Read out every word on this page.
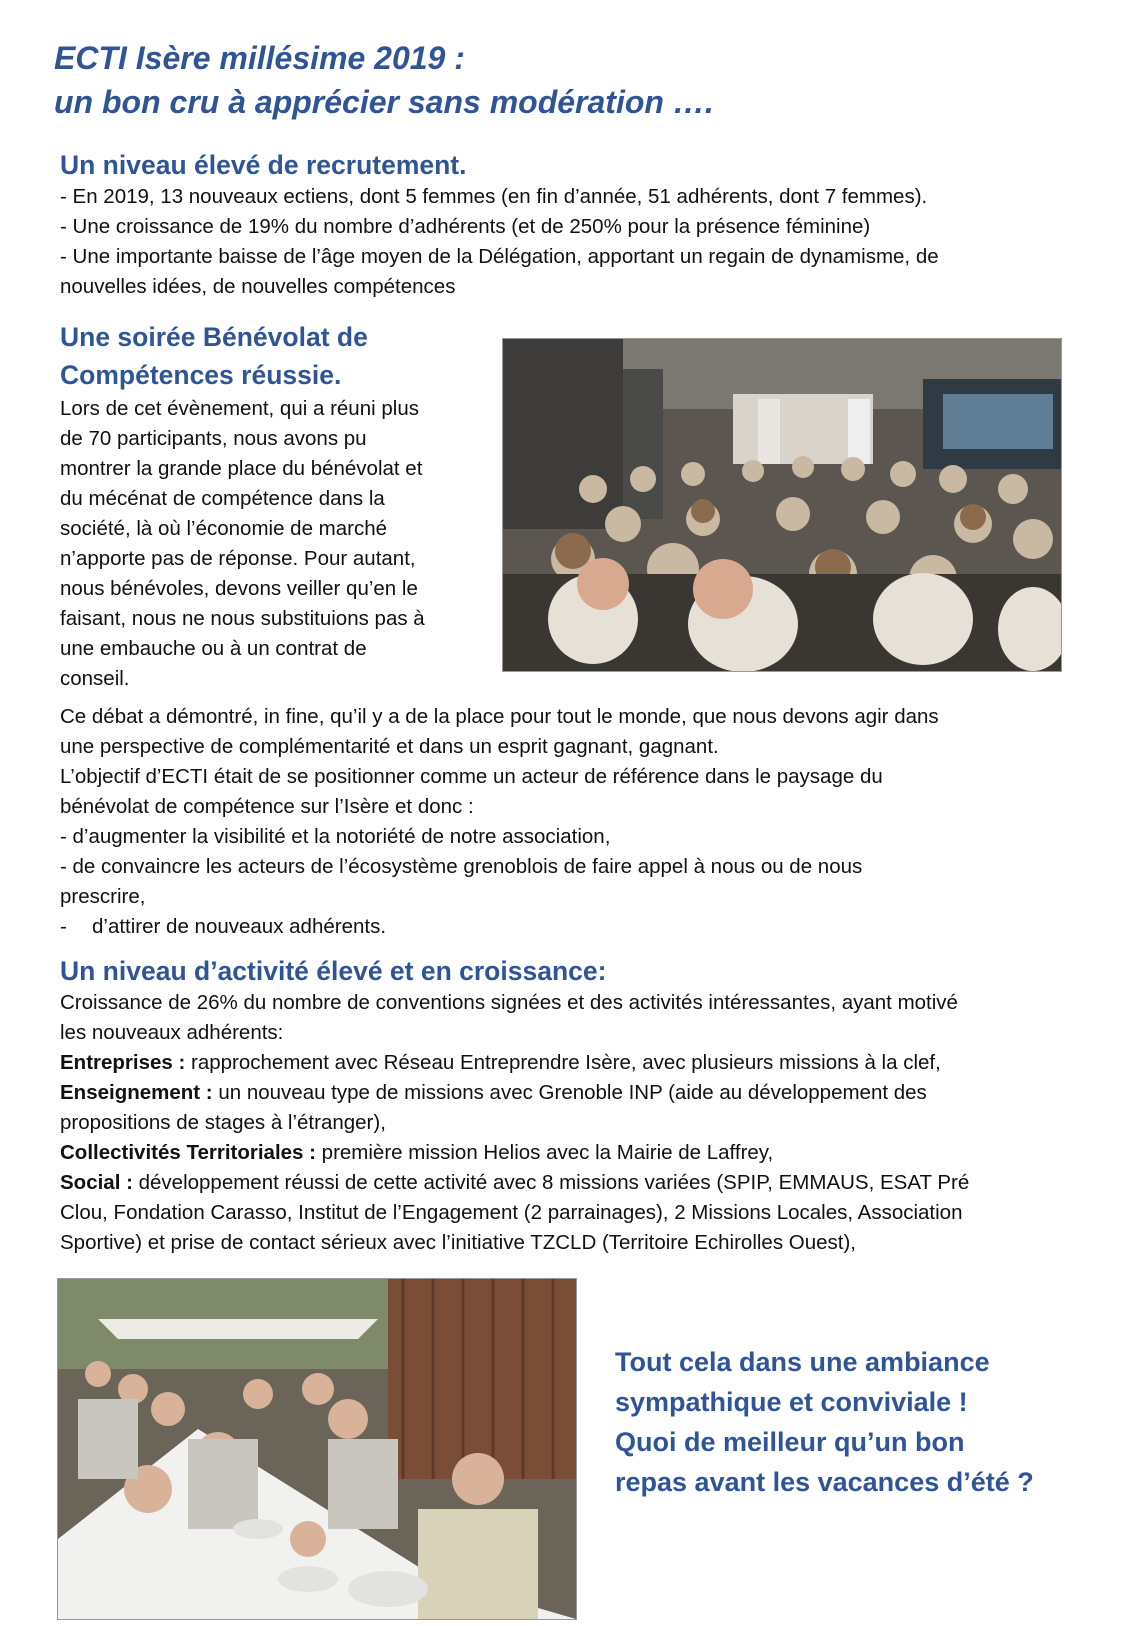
ECTI Isère millésime 2019 :
un bon cru à apprécier sans modération ….
Un niveau élevé de recrutement.

- En 2019, 13 nouveaux ectiens, dont 5 femmes (en fin d’année, 51 adhérents, dont 7 femmes).
- Une croissance de 19% du nombre d’adhérents (et de 250% pour la présence féminine)
- Une importante baisse de l’âge moyen de la Délégation, apportant un regain de dynamisme, de
nouvelles idées, de nouvelles compétences

Une soirée Bénévolat de
Compétences réussie.

Lors de cet évènement, qui a réuni plus
de 70 participants, nous avons pu
montrer la grande place du bénévolat et
du mécénat de compétence dans la
société, là où l’économie de marché
n’apporte pas de réponse. Pour autant,
nous bénévoles, devons veiller qu’en le
faisant, nous ne nous substituions pas à
une embauche ou à un contrat de
conseil.

Ce débat a démontré, in fine, qu’il y a de la place pour tout le monde, que nous devons agir dans
une perspective de complémentarité et dans un esprit gagnant, gagnant.
L’objectif d’ECTI était de se positionner comme un acteur de référence dans le paysage du
bénévolat de compétence sur l’Isère et donc :
- d’augmenter la visibilité et la notoriété de notre association,
- de convaincre les acteurs de l’écosystème grenoblois de faire appel à nous ou de nous
prescrire,
- d’attirer de nouveaux adhérents.

Un niveau d’activité élevé et en croissance:

Croissance de 26% du nombre de conventions signées et des activités intéressantes, ayant motivé
les nouveaux adhérents:
Entreprises : rapprochement avec Réseau Entreprendre Isère, avec plusieurs missions à la clef,
Enseignement : un nouveau type de missions avec Grenoble INP (aide au développement des
propositions de stages à l’étranger),
Collectivités Territoriales : première mission Helios avec la Mairie de Laffrey,
Social : développement réussi de cette activité avec 8 missions variées (SPIP, EMMAUS, ESAT Pré
Clou, Fondation Carasso, Institut de l’Engagement (2 parrainages), 2 Missions Locales, Association
Sportive) et prise de contact sérieux avec l’initiative TZCLD (Territoire Echirolles Ouest),

18 juin 2019

Tout cela dans une ambiance
sympathique et conviviale !
Quoi de meilleur qu’un bon
repas avant les vacances d’été ?
